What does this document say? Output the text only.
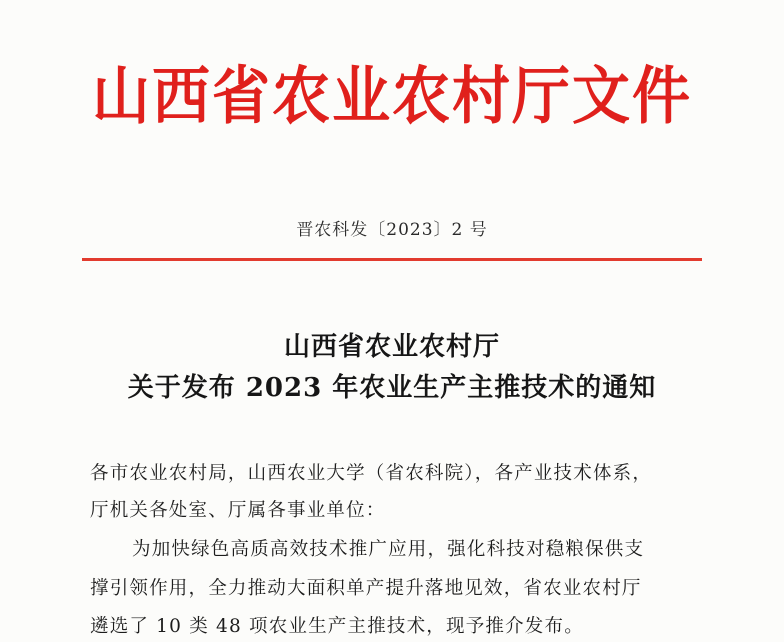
山西省农业农村厅文件
晋农科发〔2023〕2 号
山西省农业农村厅
关于发布 2023 年农业生产主推技术的通知
各市农业农村局，山西农业大学（省农科院），各产业技术体系，
厅机关各处室、厅属各事业单位：
为加快绿色高质高效技术推广应用，强化科技对稳粮保供支
撑引领作用，全力推动大面积单产提升落地见效，省农业农村厅
遴选了 10 类 48 项农业生产主推技术，现予推介发布。
